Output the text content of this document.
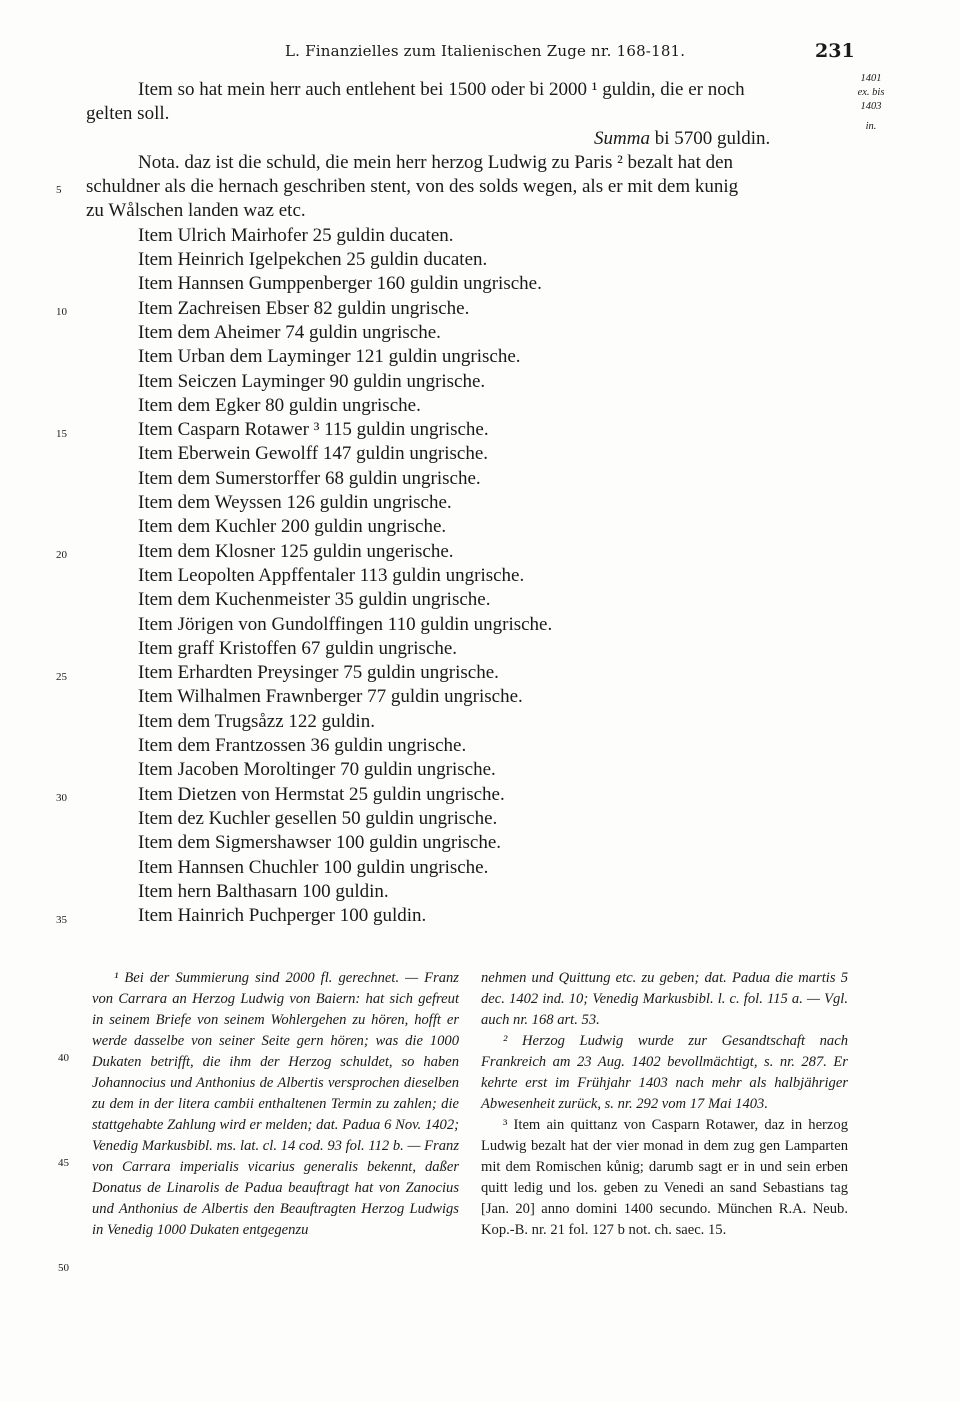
L. Finanzielles zum Italienischen Zuge nr. 168-181.	231
1401
ex. bis
1403
in.
5
10
15
20
25
30
35
Item so hat mein herr auch entlehent bei 1500 oder bi 2000 ¹ guldin, die er noch
gelten soll.
Summa bi 5700 guldin.
Nota. daz ist die schuld, die mein herr herzog Ludwig zu Paris ² bezalt hat den
schuldner als die hernach geschriben stent, von des solds wegen, als er mit dem kunig
zu Wålschen landen waz etc.
Item Ulrich Mairhofer 25 guldin ducaten.
Item Heinrich Igelpekchen 25 guldin ducaten.
Item Hannsen Gumppenberger 160 guldin ungrische.
Item Zachreisen Ebser 82 guldin ungrische.
Item dem Aheimer 74 guldin ungrische.
Item Urban dem Layminger 121 guldin ungrische.
Item Seiczen Layminger 90 guldin ungrische.
Item dem Egker 80 guldin ungrische.
Item Casparn Rotawer ³ 115 guldin ungrische.
Item Eberwein Gewolff 147 guldin ungrische.
Item dem Sumerstorffer 68 guldin ungrische.
Item dem Weyssen 126 guldin ungrische.
Item dem Kuchler 200 guldin ungrische.
Item dem Klosner 125 guldin ungerische.
Item Leopolten Appffentaler 113 guldin ungrische.
Item dem Kuchenmeister 35 guldin ungrische.
Item Jörigen von Gundolffingen 110 guldin ungrische.
Item graff Kristoffen 67 guldin ungrische.
Item Erhardten Preysinger 75 guldin ungrische.
Item Wilhalmen Frawnberger 77 guldin ungrische.
Item dem Trugsåzz 122 guldin.
Item dem Frantzossen 36 guldin ungrische.
Item Jacoben Moroltinger 70 guldin ungrische.
Item Dietzen von Hermstat 25 guldin ungrische.
Item dez Kuchler gesellen 50 guldin ungrische.
Item dem Sigmershawser 100 guldin ungrische.
Item Hannsen Chuchler 100 guldin ungrische.
Item hern Balthasarn 100 guldin.
Item Hainrich Puchperger 100 guldin.
40
45
50

¹ Bei der Summierung sind 2000 fl. gerechnet. — Franz von Carrara an Herzog Ludwig von Baiern: hat sich gefreut in seinem Briefe von seinem Wohlergehen zu hören, hofft er werde dasselbe von seiner Seite gern hören; was die 1000 Dukaten betrifft, die ihm der Herzog schuldet, so haben Johannocius und Anthonius de Albertis versprochen dieselben zu dem in der litera cambii enthaltenen Termin zu zahlen; die stattgehabte Zahlung wird er melden; dat. Padua 6 Nov. 1402; Venedig Markusbibl. ms. lat. cl. 14 cod. 93 fol. 112 b. — Franz von Carrara imperialis vicarius generalis bekennt, daßer Donatus de Linarolis de Padua beauftragt hat von Zanocius und Anthonius de Albertis den Beauftragten Herzog Ludwigs in Venedig 1000 Dukaten entgegenzu

nehmen und Quittung etc. zu geben; dat. Padua die martis 5 dec. 1402 ind. 10; Venedig Markusbibl. l. c. fol. 115 a. — Vgl. auch nr. 168 art. 53.

² Herzog Ludwig wurde zur Gesandtschaft nach Frankreich am 23 Aug. 1402 bevollmächtigt, s. nr. 287. Er kehrte erst im Frühjahr 1403 nach mehr als halbjähriger Abwesenheit zurück, s. nr. 292 vom 17 Mai 1403.

³ Item ain quittanz von Casparn Rotawer, daz in herzog Ludwig bezalt hat der vier monad in dem zug gen Lamparten mit dem Romischen kůnig; darumb sagt er in und sein erben quitt ledig und los. geben zu Venedi an sand Sebastians tag [Jan. 20] anno domini 1400 secundo. München R.A. Neub. Kop.-B. nr. 21 fol. 127 b not. ch. saec. 15.
